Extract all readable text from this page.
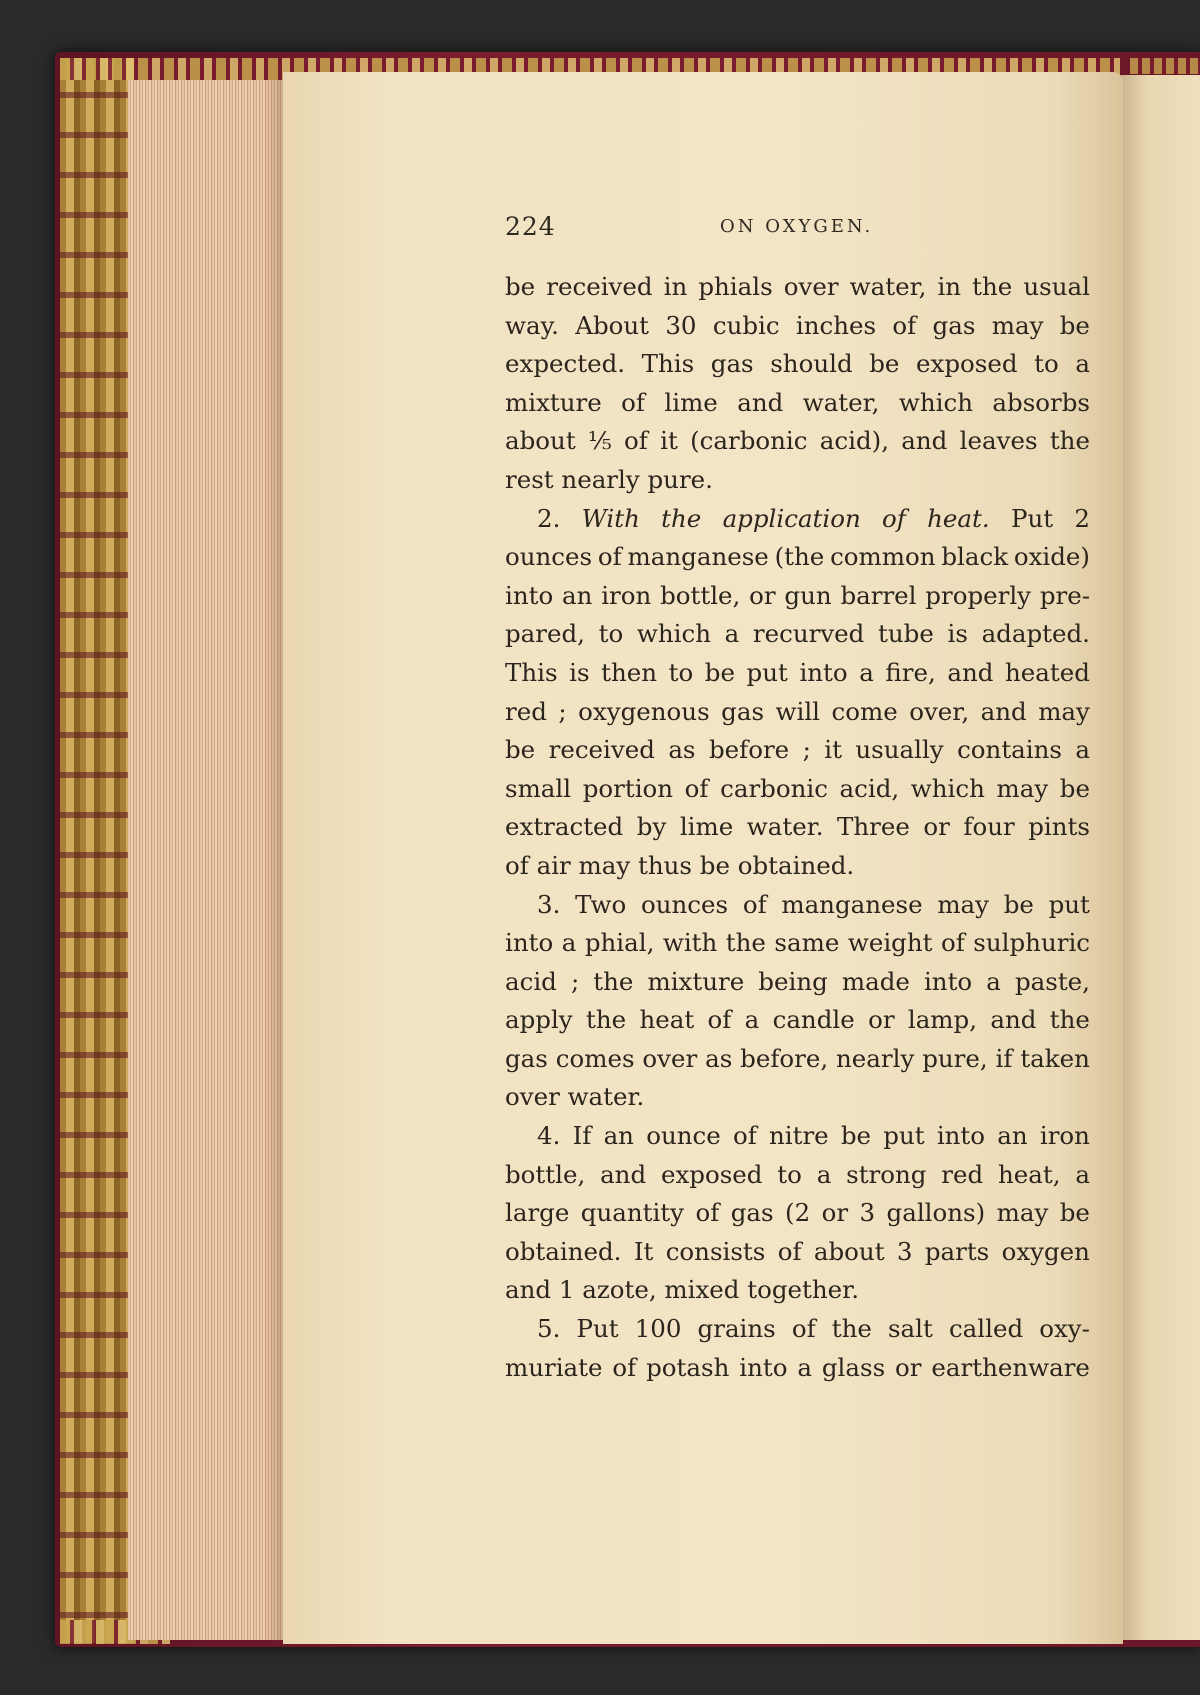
224	ON OXYGEN.
be received in phials over water, in the usual
way. About 30 cubic inches of gas may be
expected. This gas should be exposed to a
mixture of lime and water, which absorbs
about ⅕ of it (carbonic acid), and leaves the
rest nearly pure.
2. With the application of heat. Put 2
ounces of manganese (the common black oxide)
into an iron bottle, or gun barrel properly pre-
pared, to which a recurved tube is adapted.
This is then to be put into a fire, and heated
red ; oxygenous gas will come over, and may
be received as before ; it usually contains a
small portion of carbonic acid, which may be
extracted by lime water. Three or four pints
of air may thus be obtained.
3. Two ounces of manganese may be put
into a phial, with the same weight of sulphuric
acid ; the mixture being made into a paste,
apply the heat of a candle or lamp, and the
gas comes over as before, nearly pure, if taken
over water.
4. If an ounce of nitre be put into an iron
bottle, and exposed to a strong red heat, a
large quantity of gas (2 or 3 gallons) may be
obtained. It consists of about 3 parts oxygen
and 1 azote, mixed together.
5. Put 100 grains of the salt called oxy-
muriate of potash into a glass or earthenware
